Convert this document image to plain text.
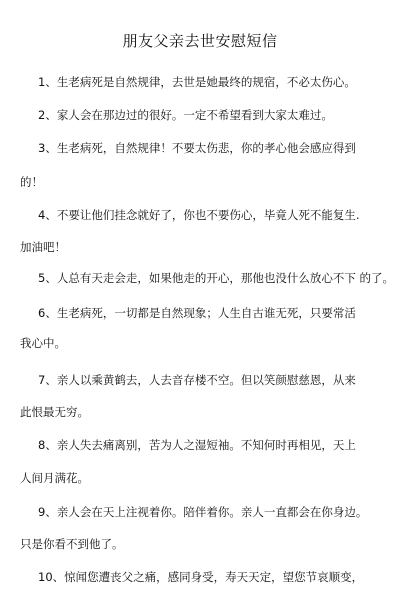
朋友父亲去世安慰短信
1、生老病死是自然规律，去世是她最终的规宿，不必太伤心。
2、家人会在那边过的很好。一定不希望看到大家太难过。
3、生老病死，自然规律！不要太伤悲，你的孝心他会感应得到
的！
4、不要让他们挂念就好了，你也不要伤心，毕竟人死不能复生.
加油吧！
5、人总有天走会走，如果他走的开心，那他也没什么放心不下 的了。
6、生老病死，一切都是自然现象；人生自古谁无死，只要常活
我心中。
7、亲人以乘黄鹤去，人去音存楼不空。但以笑颜慰慈恩，从来
此恨最无穷。
8、亲人失去痛离别，苦为人之湿短袖。不知何时再相见，天上
人间月满花。
9、亲人会在天上注视着你。陪伴着你。亲人一直都会在你身边。
只是你看不到他了。
10、惊闻您遭丧父之痛，感同身受，寿天天定，望您节哀顺变，
